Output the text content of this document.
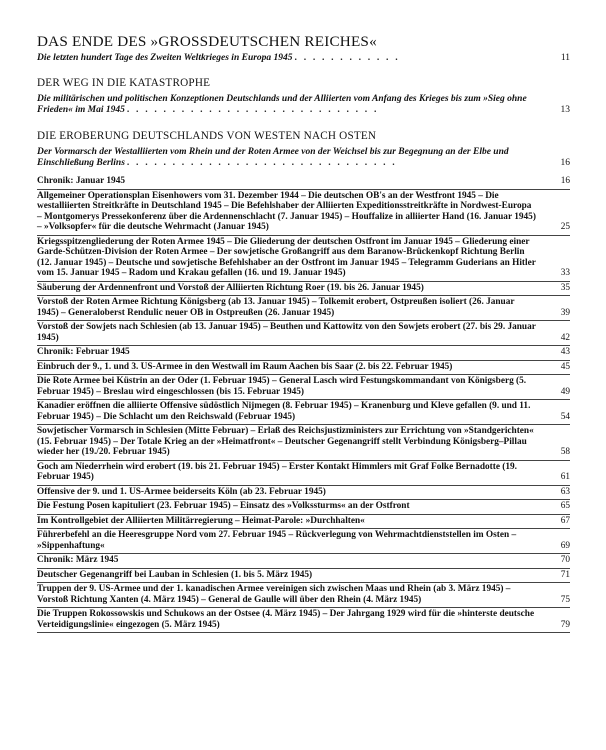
DAS ENDE DES »GROSSDEUTSCHEN REICHES«
Die letzten hundert Tage des Zweiten Weltkrieges in Europa 1945 . . . . . . . . . . . .	11
DER WEG IN DIE KATASTROPHE
Die militärischen und politischen Konzeptionen Deutschlands und der Alliierten vom Anfang des Krieges bis zum »Sieg ohne Frieden« im Mai 1945 . . . . . . . . . . . . . . . . . . . . . . . . . . . .	13
DIE EROBERUNG DEUTSCHLANDS VON WESTEN NACH OSTEN
Der Vormarsch der Westalliierten vom Rhein und der Roten Armee von der Weichsel bis zur Begegnung an der Elbe und Einschließung Berlins . . . . . . . . . . . . . . . . . . . . . . . . . . . . . .	16
Chronik: Januar 1945	16
Allgemeiner Operationsplan Eisenhowers vom 31. Dezember 1944 – Die deutschen OB's an der Westfront 1945 – Die westalliierten Streitkräfte in Deutschland 1945 – Die Befehlshaber der Alliierten Expeditionsstreitkräfte in Nordwest-Europa – Montgomerys Pressekonferenz über die Ardennenschlacht (7. Januar 1945) – Houffalize in alliierter Hand (16. Januar 1945) – »Volksopfer« für die deutsche Wehrmacht (Januar 1945)	25
Kriegsspitzengliederung der Roten Armee 1945 – Die Gliederung der deutschen Ostfront im Januar 1945 – Gliederung einer Garde-Schützen-Division der Roten Armee – Der sowjetische Großangriff aus dem Baranow-Brückenkopf Richtung Berlin (12. Januar 1945) – Deutsche und sowjetische Befehlshaber an der Ostfront im Januar 1945 – Telegramm Guderians an Hitler vom 15. Januar 1945 – Radom und Krakau gefallen (16. und 19. Januar 1945)	33
Säuberung der Ardennenfront und Vorstoß der Alliierten Richtung Roer (19. bis 26. Januar 1945)	35
Vorstoß der Roten Armee Richtung Königsberg (ab 13. Januar 1945) – Tolkemit erobert, Ostpreußen isoliert (26. Januar 1945) – Generaloberst Rendulic neuer OB in Ostpreußen (26. Januar 1945)	39
Vorstoß der Sowjets nach Schlesien (ab 13. Januar 1945) – Beuthen und Kattowitz von den Sowjets erobert (27. bis 29. Januar 1945)	42
Chronik: Februar 1945	43
Einbruch der 9., 1. und 3. US-Armee in den Westwall im Raum Aachen bis Saar (2. bis 22. Februar 1945)	45
Die Rote Armee bei Küstrin an der Oder (1. Februar 1945) – General Lasch wird Festungskommandant von Königsberg (5. Februar 1945) – Breslau wird eingeschlossen (bis 15. Februar 1945)	49
Kanadier eröffnen die alliierte Offensive südöstlich Nijmegen (8. Februar 1945) – Kranenburg und Kleve gefallen (9. und 11. Februar 1945) – Die Schlacht um den Reichswald (Februar 1945)	54
Sowjetischer Vormarsch in Schlesien (Mitte Februar) – Erlaß des Reichsjustizministers zur Errichtung von »Standgerichten« (15. Februar 1945) – Der Totale Krieg an der »Heimatfront« – Deutscher Gegenangriff stellt Verbindung Königsberg–Pillau wieder her (19./20. Februar 1945)	58
Goch am Niederrhein wird erobert (19. bis 21. Februar 1945) – Erster Kontakt Himmlers mit Graf Folke Bernadotte (19. Februar 1945)	61
Offensive der 9. und 1. US-Armee beiderseits Köln (ab 23. Februar 1945)	63
Die Festung Posen kapituliert (23. Februar 1945) – Einsatz des »Volkssturms« an der Ostfront	65
Im Kontrollgebiet der Alliierten Militärregierung – Heimat-Parole: »Durchhalten«	67
Führerbefehl an die Heeresgruppe Nord vom 27. Februar 1945 – Rückverlegung von Wehrmachtdienststellen im Osten – »Sippenhaftung«	69
Chronik: März 1945	70
Deutscher Gegenangriff bei Lauban in Schlesien (1. bis 5. März 1945)	71
Truppen der 9. US-Armee und der 1. kanadischen Armee vereinigen sich zwischen Maas und Rhein (ab 3. März 1945) – Vorstoß Richtung Xanten (4. März 1945) – General de Gaulle will über den Rhein (4. März 1945)	75
Die Truppen Rokossowskis und Schukows an der Ostsee (4. März 1945) – Der Jahrgang 1929 wird für die »hinterste deutsche Verteidigungslinie« eingezogen (5. März 1945)	79
